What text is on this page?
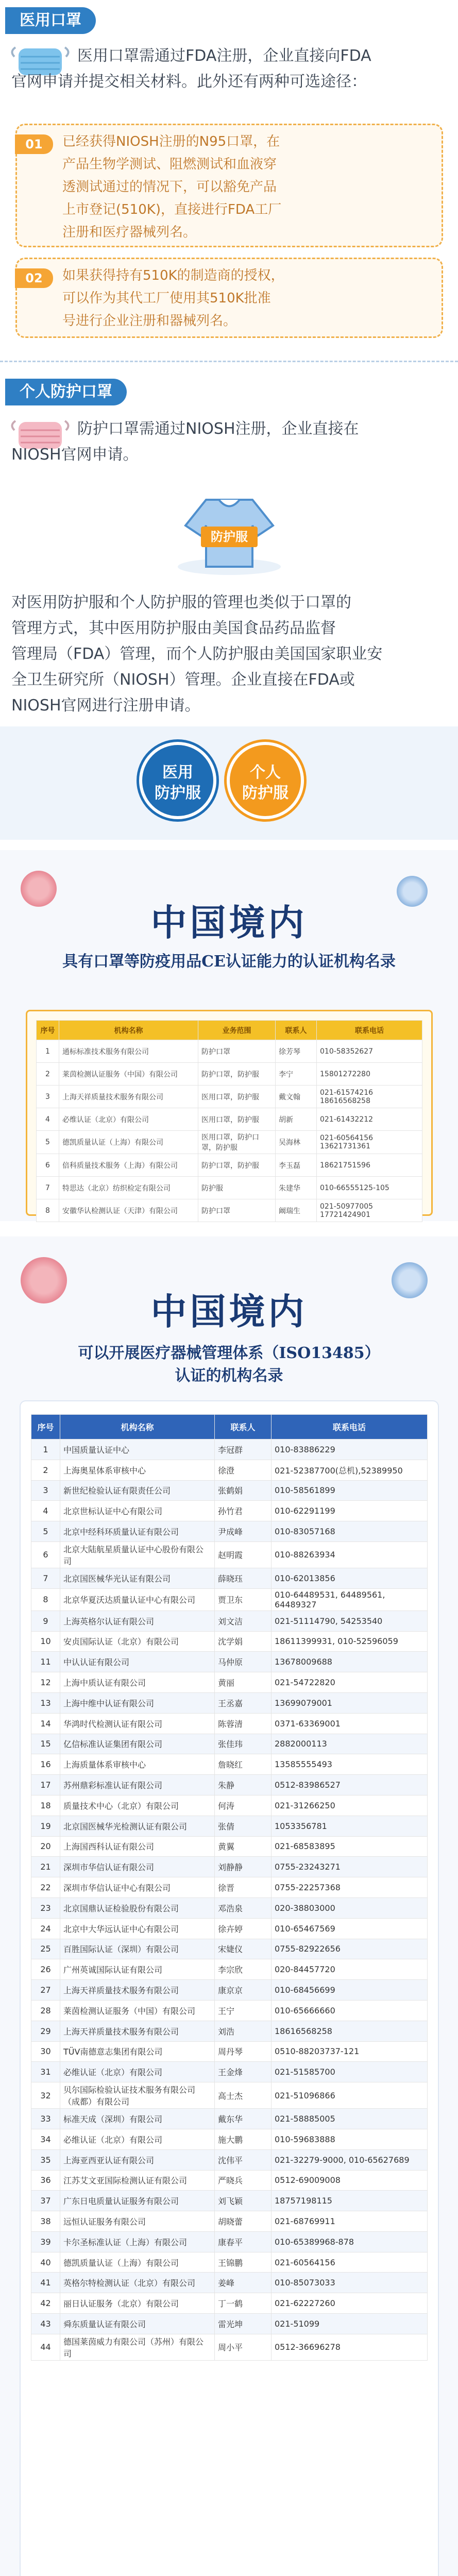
医用口罩
医用口罩需通过FDA注册，企业直接向FDA
官网申请并提交相关材料。此外还有两种可选途径：
01	已经获得NIOSH注册的N95口罩，在
产品生物学测试、阻燃测试和血液穿
透测试通过的情况下，可以豁免产品
上市登记(510K)，直接进行FDA工厂
注册和医疗器械列名。
02	如果获得持有510K的制造商的授权，
可以作为其代工厂使用其510K批准
号进行企业注册和器械列名。
个人防护口罩
防护口罩需通过NIOSH注册，企业直接在
NIOSH官网申请。
防护服
对医用防护服和个人防护服的管理也类似于口罩的
管理方式，其中医用防护服由美国食品药品监督
管理局（FDA）管理，而个人防护服由美国国家职业安
全卫生研究所（NIOSH）管理。企业直接在FDA或
NIOSH官网进行注册申请。
医用
防护服
个人
防护服
中国境内
具有口罩等防疫用品CE认证能力的认证机构名录
序号	机构名称	业务范围	联系人	联系电话
1	通标标准技术服务有限公司	防护口罩	徐芳琴	010-58352627
2	莱茵检测认证服务（中国）有限公司	防护口罩，防护服	李宁	15801272280
3	上海天祥质量技术服务有限公司	医用口罩，防护服	戴文翰	021-61574216 18616568258
4	必维认证（北京）有限公司	医用口罩，防护服	胡新	021-61432212
5	德凯质量认证（上海）有限公司	医用口罩，防护口罩，防护服	吴海林	021-60564156 13621731361
6	倍科质量技术服务（上海）有限公司	防护口罩，防护服	李玉磊	18621751596
7	特思达（北京）纺织检定有限公司	防护服	朱建华	010-66555125-105
8	安徽华认检测认证（天津）有限公司	防护口罩	阚瑞生	021-50977005 17721424901
中国境内
可以开展医疗器械管理体系（ISO13485）
认证的机构名录
序号	机构名称	联系人	联系电话
1	中国质量认证中心	李冠群	010-83886229
2	上海奥星体系审核中心	徐澄	021-52387700(总机),52389950
3	新世纪检验认证有限责任公司	张鹤娟	010-58561899
4	北京世标认证中心有限公司	孙竹君	010-62291199
5	北京中经科环质量认证有限公司	尹成峰	010-83057168
6	北京大陆航星质量认证中心股份有限公司	赵明霞	010-88263934
7	北京国医械华光认证有限公司	薛晓珏	010-62013856
8	北京华夏沃达质量认证中心有限公司	贾卫东	010-64489531, 64489561, 64489327
9	上海英格尔认证有限公司	刘文洁	021-51114790, 54253540
10	安贞国际认证（北京）有限公司	沈学娟	18611399931, 010-52596059
11	中认认证有限公司	马仲原	13678009688
12	上海中质认证有限公司	黄丽	021-54722820
13	上海中维中认证有限公司	王丞嘉	13699079001
14	华鸿时代检测认证有限公司	陈蓉清	0371-63369001
15	亿信标准认证集团有限公司	张佳玮	2882000113
16	上海质量体系审核中心	詹晓红	13585555493
17	苏州鼎彩标准认证有限公司	朱静	0512-83986527
18	质量技术中心（北京）有限公司	何涛	021-31266250
19	北京国医械华光检测认证有限公司	张倩	1053356781
20	上海国西科认证有限公司	黄翼	021-68583895
21	深圳市华信认证有限公司	刘静静	0755-23243271
22	深圳市华信认证中心有限公司	徐晋	0755-22257368
23	北京国鼎认证检验股份有限公司	邓浩泉	020-38803000
24	北京中大华远认证中心有限公司	徐卉婷	010-65467569
25	百胜国际认证（深圳）有限公司	宋婕仪	0755-82922656
26	广州英诚国际认证有限公司	李宗欣	020-84457720
27	上海天祥质量技术服务有限公司	康京京	010-68456699
28	莱茵检测认证服务（中国）有限公司	王宁	010-65666660
29	上海天祥质量技术服务有限公司	刘浩	18616568258
30	TÜV南德意志集团有限公司	周丹琴	0510-88203737-121
31	必维认证（北京）有限公司	王金烽	021-51585700
32	贝尔国际检验认证技术服务有限公司（成都）有限公司	高士杰	021-51096866
33	标准天成（深圳）有限公司	戴东华	021-58885005
34	必维认证（北京）有限公司	施大鹏	010-59683888
35	上海亚西亚认证有限公司	沈伟平	021-32279-9000, 010-65627689
36	江苏艾文亚国际检测认证有限公司	严晓兵	0512-69009008
37	广东日电质量认证服务有限公司	刘飞颖	18757198115
38	远恒认证服务有限公司	胡晓蕾	021-68769911
39	卡尔圣标准认证（上海）有限公司	康春平	010-65389968-878
40	德凯质量认证（上海）有限公司	王锦鹏	021-60564156
41	英格尔特检测认证（北京）有限公司	姜峰	010-85073033
42	丽日认证服务（北京）有限公司	丁一鹤	021-62227260
43	舜东质量认证有限公司	雷光坤	021-51099
44	德国莱茵威力有限公司（苏州）有限公司	周小平	0512-36696278
